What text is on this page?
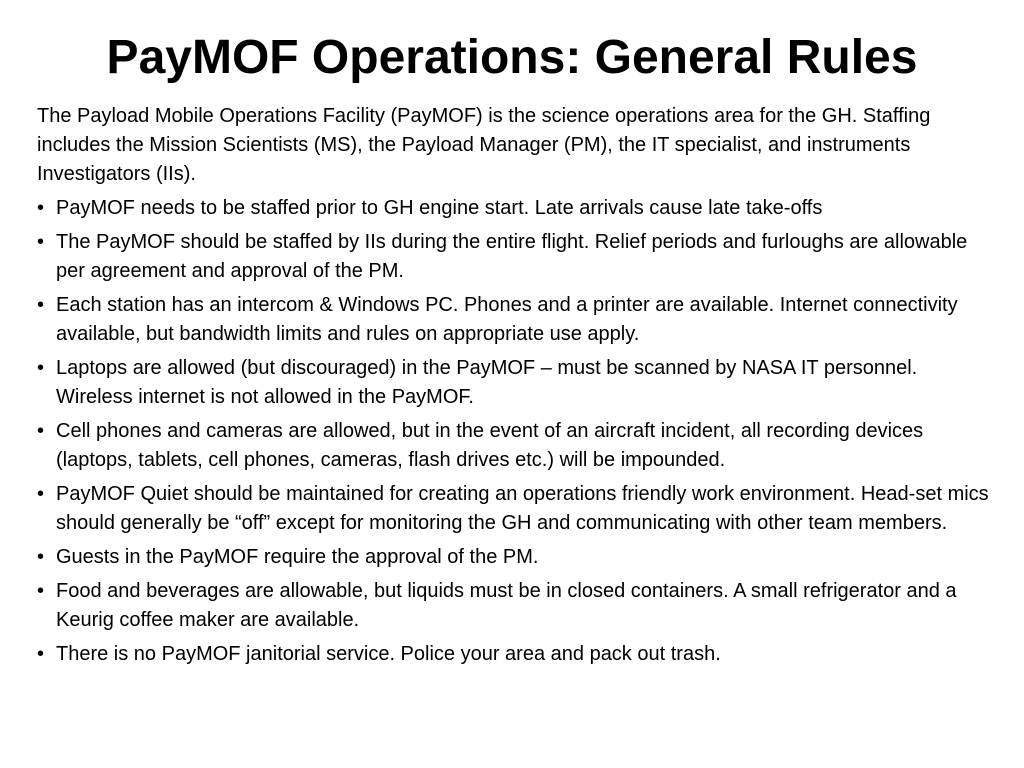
PayMOF Operations: General Rules

The Payload Mobile Operations Facility (PayMOF) is the science operations area for the GH. Staffing includes the Mission Scientists (MS), the Payload Manager (PM), the IT specialist, and instruments Investigators (IIs).

• PayMOF needs to be staffed prior to GH engine start. Late arrivals cause late take-offs
• The PayMOF should be staffed by IIs during the entire flight. Relief periods and furloughs are allowable per agreement and approval of the PM.
• Each station has an intercom & Windows PC. Phones and a printer are available. Internet connectivity available, but bandwidth limits and rules on appropriate use apply.
• Laptops are allowed (but discouraged) in the PayMOF – must be scanned by NASA IT personnel. Wireless internet is not allowed in the PayMOF.
• Cell phones and cameras are allowed, but in the event of an aircraft incident, all recording devices (laptops, tablets, cell phones, cameras, flash drives etc.) will be impounded.
• PayMOF Quiet should be maintained for creating an operations friendly work environment. Head-set mics should generally be “off” except for monitoring the GH and communicating with other team members.
• Guests in the PayMOF require the approval of the PM.
• Food and beverages are allowable, but liquids must be in closed containers. A small refrigerator and a Keurig coffee maker are available.
• There is no PayMOF janitorial service. Police your area and pack out trash.
